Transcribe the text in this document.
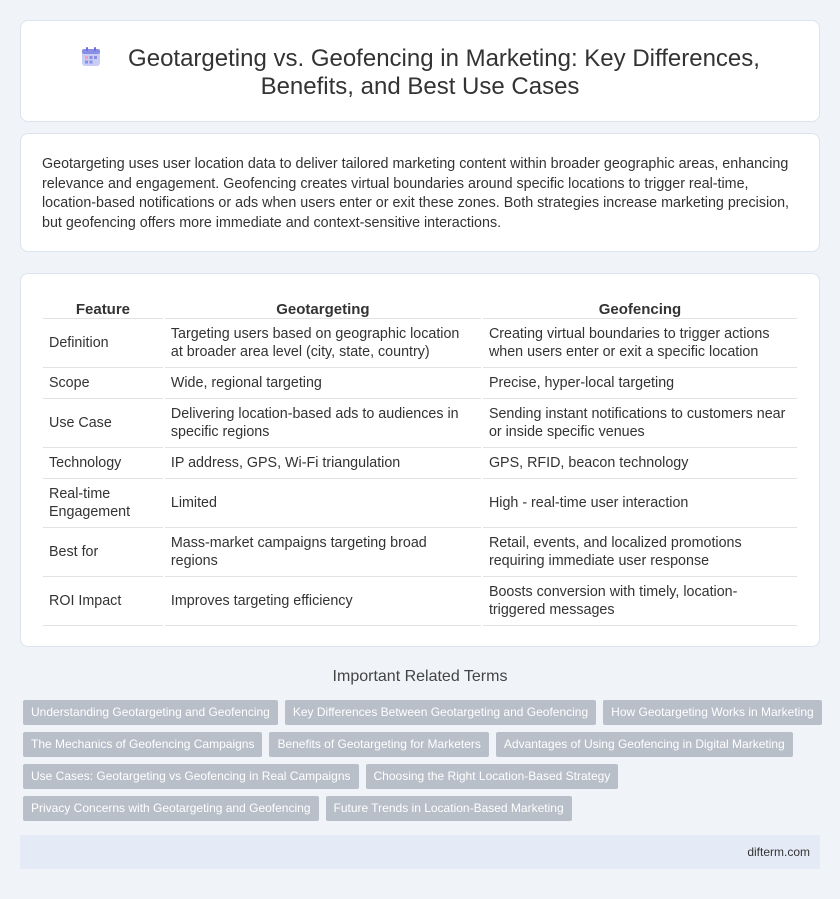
Geotargeting vs. Geofencing in Marketing: Key Differences,
Benefits, and Best Use Cases

Geotargeting uses user location data to deliver tailored marketing content within broader geographic areas, enhancing relevance and engagement. Geofencing creates virtual boundaries around specific locations to trigger real-time, location-based notifications or ads when users enter or exit these zones. Both strategies increase marketing precision, but geofencing offers more immediate and context-sensitive interactions.

Feature	Geotargeting	Geofencing
Definition	Targeting users based on geographic location at broader area level (city, state, country)	Creating virtual boundaries to trigger actions when users enter or exit a specific location
Scope	Wide, regional targeting	Precise, hyper-local targeting
Use Case	Delivering location-based ads to audiences in specific regions	Sending instant notifications to customers near or inside specific venues
Technology	IP address, GPS, Wi-Fi triangulation	GPS, RFID, beacon technology
Real-time Engagement	Limited	High - real-time user interaction
Best for	Mass-market campaigns targeting broad regions	Retail, events, and localized promotions requiring immediate user response
ROI Impact	Improves targeting efficiency	Boosts conversion with timely, location-triggered messages
Important Related Terms
Understanding Geotargeting and Geofencing	Key Differences Between Geotargeting and Geofencing	How Geotargeting Works in Marketing
The Mechanics of Geofencing Campaigns	Benefits of Geotargeting for Marketers	Advantages of Using Geofencing in Digital Marketing
Use Cases: Geotargeting vs Geofencing in Real Campaigns	Choosing the Right Location-Based Strategy
Privacy Concerns with Geotargeting and Geofencing	Future Trends in Location-Based Marketing
difterm.com
